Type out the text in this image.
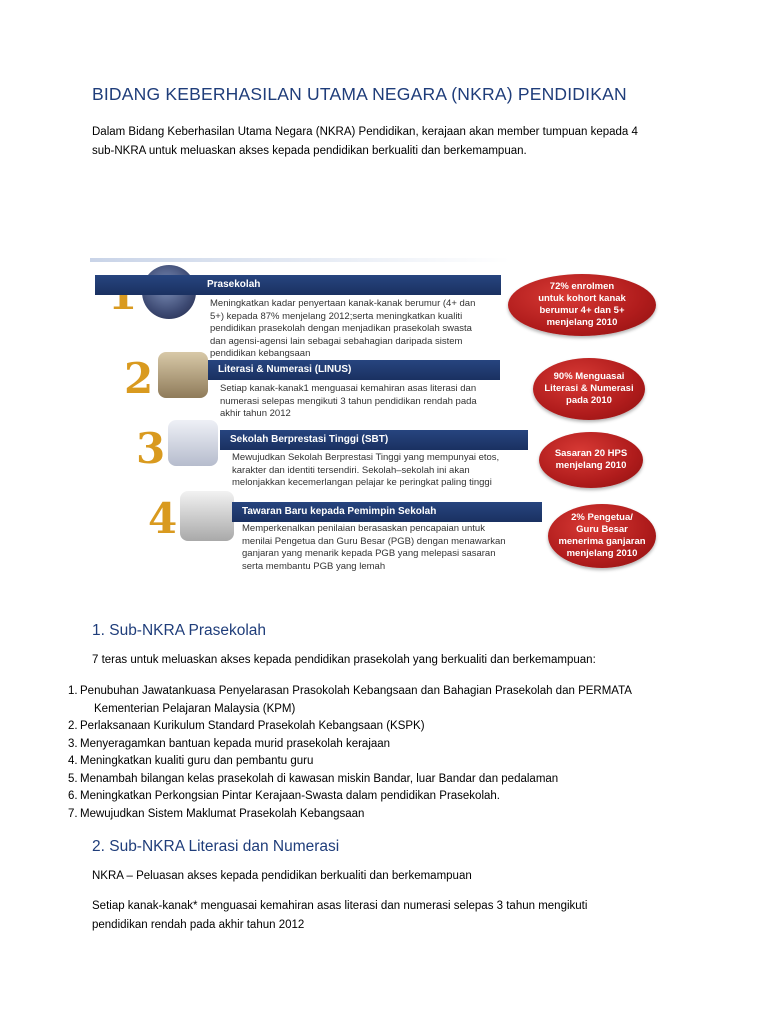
BIDANG KEBERHASILAN UTAMA NEGARA (NKRA) PENDIDIKAN
Dalam Bidang Keberhasilan Utama Negara (NKRA) Pendidikan, kerajaan akan member tumpuan kepada 4
sub-NKRA untuk meluaskan akses kepada pendidikan berkualiti dan berkemampuan.
Prasekolah
Meningkatkan kadar penyertaan kanak-kanak berumur (4+ dan
5+) kepada 87% menjelang 2012;serta meningkatkan kualiti
pendidikan prasekolah dengan menjadikan prasekolah swasta
dan agensi-agensi lain sebagai sebahagian daripada sistem
pendidikan kebangsaan
72% enrolmen
untuk kohort kanak
berumur 4+ dan 5+
menjelang 2010
2	Literasi & Numerasi (LINUS)
Setiap kanak-kanak1 menguasai kemahiran asas literasi dan
numerasi selepas mengikuti 3 tahun pendidikan rendah pada
akhir tahun 2012
90% Menguasai
Literasi & Numerasi
pada 2010
3	Sekolah Berprestasi Tinggi (SBT)
Mewujudkan Sekolah Berprestasi Tinggi yang mempunyai etos,
karakter dan identiti tersendiri. Sekolah–sekolah ini akan
melonjakkan kecemerlangan pelajar ke peringkat paling tinggi
Sasaran 20 HPS
menjelang 2010
4	Tawaran Baru kepada Pemimpin Sekolah
Memperkenalkan penilaian berasaskan pencapaian untuk
menilai Pengetua dan Guru Besar (PGB) dengan menawarkan
ganjaran yang menarik kepada PGB yang melepasi sasaran
serta membantu PGB yang lemah
2% Pengetua/
Guru Besar
menerima ganjaran
menjelang 2010
1. Sub-NKRA Prasekolah
7 teras untuk meluaskan akses kepada pendidikan prasekolah yang berkualiti dan berkemampuan:
1. Penubuhan Jawatankuasa Penyelarasan Prasokolah Kebangsaan dan Bahagian Prasekolah dan PERMATA
Kementerian Pelajaran Malaysia (KPM)
2. Perlaksanaan Kurikulum Standard Prasekolah Kebangsaan (KSPK)
3. Menyeragamkan bantuan kepada murid prasekolah kerajaan
4. Meningkatkan kualiti guru dan pembantu guru
5. Menambah bilangan kelas prasekolah di kawasan miskin Bandar, luar Bandar dan pedalaman
6. Meningkatkan Perkongsian Pintar Kerajaan-Swasta dalam pendidikan Prasekolah.
7. Mewujudkan Sistem Maklumat Prasekolah Kebangsaan
2. Sub-NKRA Literasi dan Numerasi
NKRA – Peluasan akses kepada pendidikan berkualiti dan berkemampuan
Setiap kanak-kanak* menguasai kemahiran asas literasi dan numerasi selepas 3 tahun mengikuti
pendidikan rendah pada akhir tahun 2012
